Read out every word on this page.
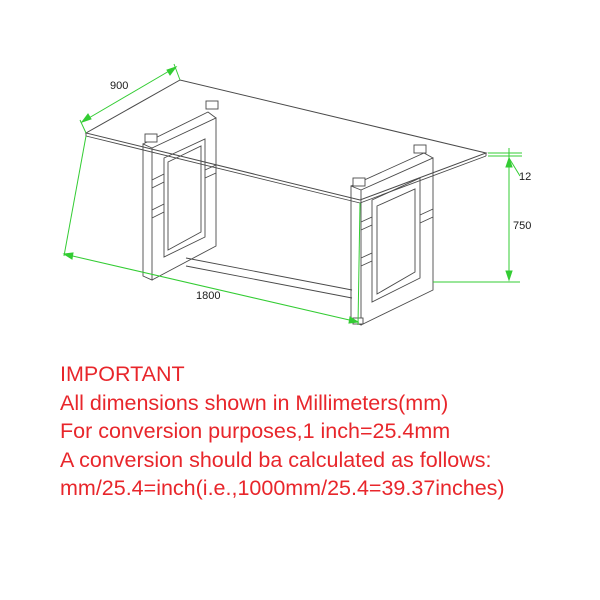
900
1800
12
750
IMPORTANT
All dimensions shown in Millimeters(mm)
For conversion purposes,1 inch=25.4mm
A conversion should ba calculated as follows:
mm/25.4=inch(i.e.,1000mm/25.4=39.37inches)
